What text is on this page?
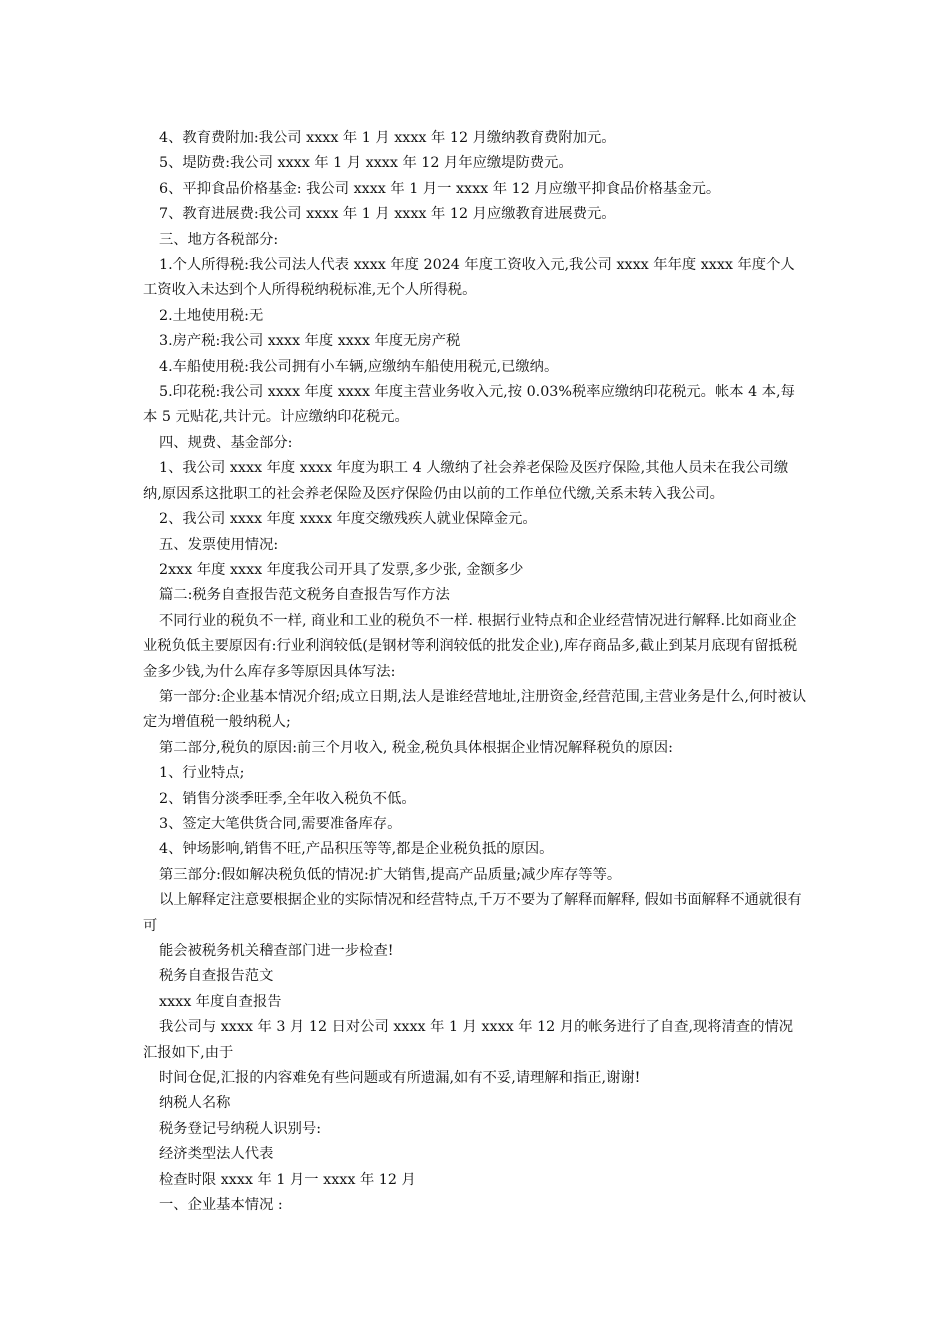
4、教育费附加:我公司 xxxx 年 1 月 xxxx 年 12 月缴纳教育费附加元。

5、堤防费:我公司 xxxx 年 1 月 xxxx 年 12 月年应缴堤防费元。

6、平抑食品价格基金: 我公司 xxxx 年 1 月一 xxxx 年 12 月应缴平抑食品价格基金元。

7、教育进展费:我公司 xxxx 年 1 月 xxxx 年 12 月应缴教育进展费元。

三、地方各税部分:

1.个人所得税:我公司法人代表 xxxx 年度 2024 年度工资收入元,我公司 xxxx 年年度 xxxx 年度个人工资收入未达到个人所得税纳税标准,无个人所得税。

2.土地使用税:无

3.房产税:我公司 xxxx 年度 xxxx 年度无房产税

4.车船使用税:我公司拥有小车辆,应缴纳车船使用税元,已缴纳。

5.印花税:我公司 xxxx 年度 xxxx 年度主营业务收入元,按 0.03%税率应缴纳印花税元。帐本 4 本,每本 5 元贴花,共计元。计应缴纳印花税元。

四、规费、基金部分:

1、我公司 xxxx 年度 xxxx 年度为职工 4 人缴纳了社会养老保险及医疗保险,其他人员未在我公司缴纳,原因系这批职工的社会养老保险及医疗保险仍由以前的工作单位代缴,关系未转入我公司。

2、我公司 xxxx 年度 xxxx 年度交缴残疾人就业保障金元。

五、发票使用情况:

2xxx 年度 xxxx 年度我公司开具了发票,多少张, 金额多少

篇二:税务自查报告范文税务自查报告写作方法

不同行业的税负不一样, 商业和工业的税负不一样. 根据行业特点和企业经营情况进行解释.比如商业企业税负低主要原因有:行业利润较低(是钢材等利润较低的批发企业),库存商品多,截止到某月底现有留抵税金多少钱,为什么库存多等原因具体写法:

第一部分:企业基本情况介绍;成立日期,法人是谁经营地址,注册资金,经营范围,主营业务是什么,何时被认定为增值税一般纳税人;

第二部分,税负的原因:前三个月收入, 税金,税负具体根据企业情况解释税负的原因:

1、行业特点;

2、销售分淡季旺季,全年收入税负不低。

3、签定大笔供货合同,需要准备库存。

4、钟场影响,销售不旺,产品积压等等,都是企业税负抵的原因。

第三部分:假如解决税负低的情况:扩大销售,提高产品质量;减少库存等等。

以上解释定注意要根据企业的实际情况和经营特点,千万不要为了解释而解释, 假如书面解释不通就很有可

能会被税务机关稽查部门进一步检查!

税务自查报告范文

xxxx 年度自查报告

我公司与 xxxx 年 3 月 12 日对公司 xxxx 年 1 月 xxxx 年 12 月的帐务进行了自查,现将清查的情况汇报如下,由于

时间仓促,汇报的内容难免有些问题或有所遗漏,如有不妥,请理解和指正,谢谢!

纳税人名称

税务登记号纳税人识别号:

经济类型法人代表

检查时限 xxxx 年 1 月一 xxxx 年 12 月

一、企业基本情况 :
